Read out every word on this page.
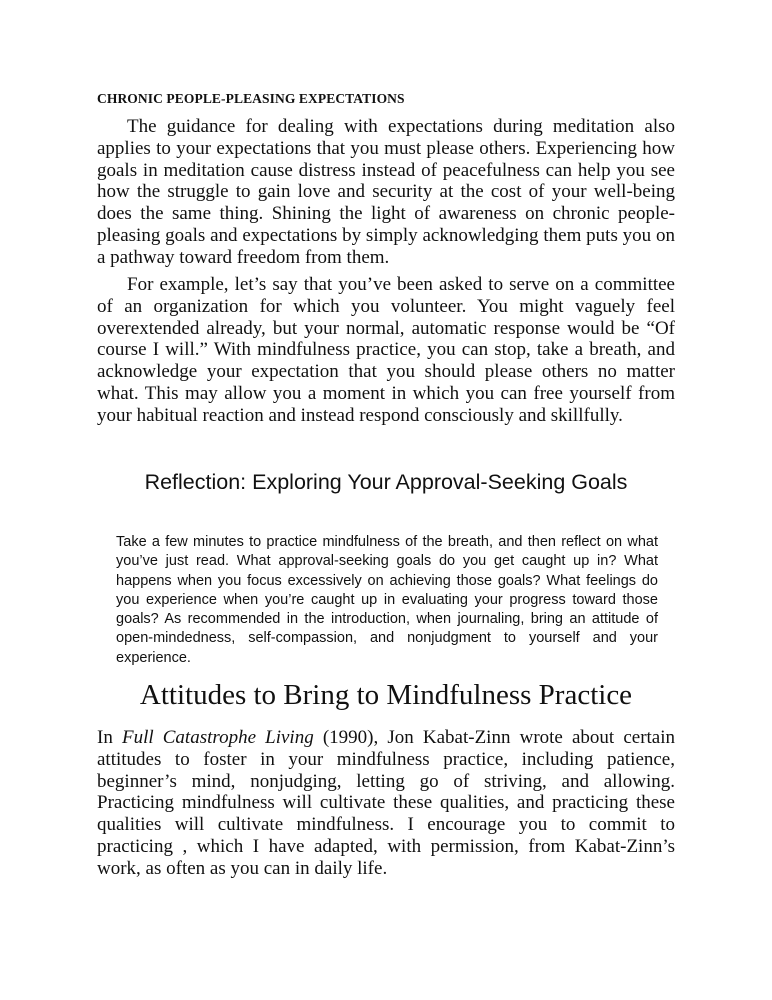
CHRONIC PEOPLE-PLEASING EXPECTATIONS

The guidance for dealing with expectations during meditation also applies to your expectations that you must please others. Experiencing how goals in meditation cause distress instead of peacefulness can help you see how the struggle to gain love and security at the cost of your well-being does the same thing. Shining the light of awareness on chronic people-pleasing goals and expectations by simply acknowledging them puts you on a pathway toward freedom from them.

For example, let’s say that you’ve been asked to serve on a committee of an organization for which you volunteer. You might vaguely feel overextended already, but your normal, automatic response would be “Of course I will.” With mindfulness practice, you can stop, take a breath, and acknowledge your expectation that you should please others no matter what. This may allow you a moment in which you can free yourself from your habitual reaction and instead respond consciously and skillfully.

Reflection: Exploring Your Approval-Seeking Goals

Take a few minutes to practice mindfulness of the breath, and then reflect on what you’ve just read. What approval-seeking goals do you get caught up in? What happens when you focus excessively on achieving those goals? What feelings do you experience when you’re caught up in evaluating your progress toward those goals? As recommended in the introduction, when journaling, bring an attitude of open-mindedness, self-compassion, and nonjudgment to yourself and your experience.

Attitudes to Bring to Mindfulness Practice

In Full Catastrophe Living (1990), Jon Kabat-Zinn wrote about certain attitudes to foster in your mindfulness practice, including patience, beginner’s mind, nonjudging, letting go of striving, and allowing. Practicing mindfulness will cultivate these qualities, and practicing these qualities will cultivate mindfulness. I encourage you to commit to practicing , which I have adapted, with permission, from Kabat-Zinn’s work, as often as you can in daily life.
